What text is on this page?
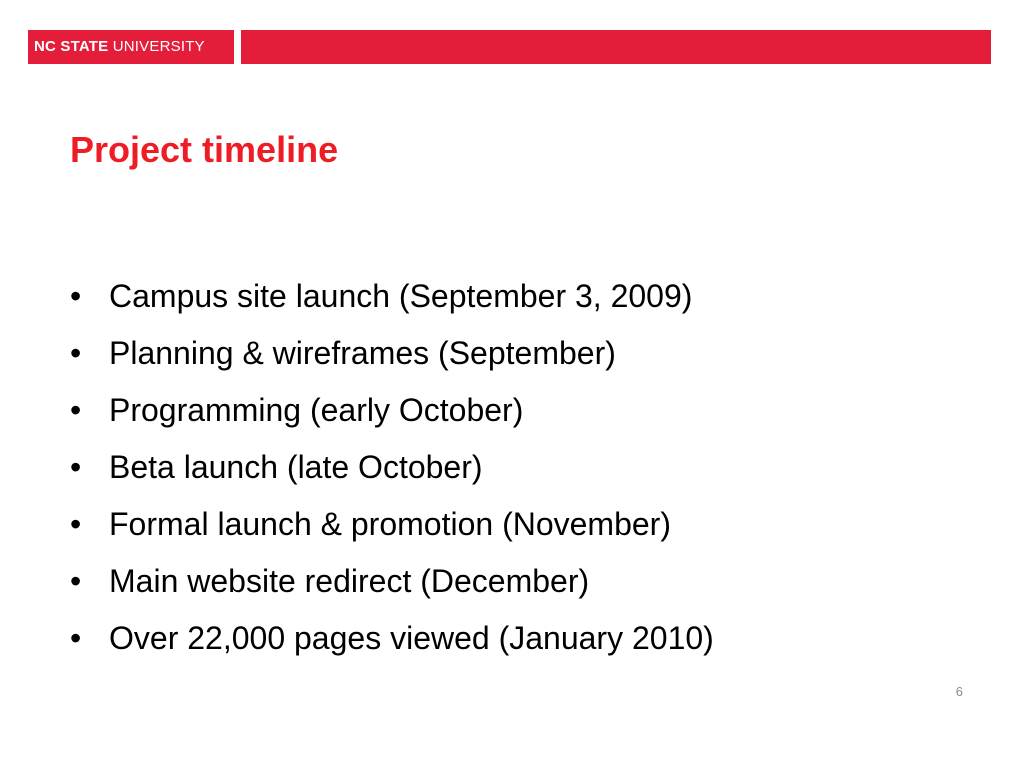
NC STATE UNIVERSITY
Project timeline
• Campus site launch (September 3, 2009)
• Planning & wireframes (September)
• Programming (early October)
• Beta launch (late October)
• Formal launch & promotion (November)
• Main website redirect (December)
• Over 22,000 pages viewed (January 2010)
6
